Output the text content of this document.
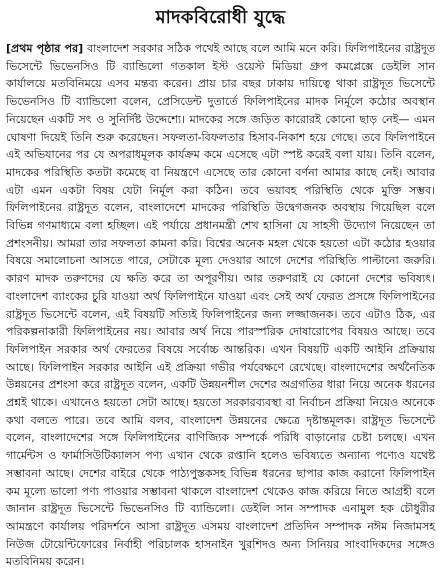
মাদকবিরোধী যুদ্ধে

[প্রথম পৃষ্ঠার পর] বাংলাদেশ সরকার সঠিক পথেই আছে বলে আমি মনে করি। ফিলিপাইনের রাষ্ট্রদূত ভিসেন্টে ভিভেনসিও টি ব্যান্ডিলো গতকাল ইস্ট ওয়েস্ট মিডিয়া গ্রুপ কমপ্লেক্সে ডেইলি সান কার্যালয়ে মতবিনিময়ে এসব মন্তব্য করেন। প্রায় চার বছর ঢাকায় দায়িত্বে থাকা রাষ্ট্রদূত ভিসেন্টে ভিভেনসিও টি ব্যান্ডিলো বলেন, প্রেসিডেন্ট দুতার্তে ফিলিপাইনের মাদক নির্মূলে কঠোর অবস্থান নিয়েছেন একটি সৎ ও সুনির্দিষ্ট উদ্দেশ্যে। মাদকের সঙ্গে জড়িত কারোরই কোনো ছাড় নেই— এমন ঘোষণা দিয়েই তিনি শুরু করেছেন। সফলতা-বিফলতার হিসাব-নিকাশ হয়ে গেছে। তবে ফিলিপাইনে এই অভিযানের পর যে অপরাধমূলক কার্যক্রম কমে এসেছে এটা স্পষ্ট করেই বলা যায়। তিনি বলেন, মাদকের পরিস্থিতি কতটা কমেছে বা নিয়ন্ত্রণে এসেছে তার কোনো বর্ণনা আমার কাছে নেই। আবার এটা এমন একটা বিষয় যেটা নির্মূল করা কঠিন। তবে ভয়াবহ পরিস্থিতি থেকে মুক্তি সম্ভব। ফিলিপাইনের রাষ্ট্রদূত বলেন, বাংলাদেশে মাদকের পরিস্থিতি উদ্বেগজনক অবস্থায় গিয়েছিল বলে বিভিন্ন গণমাধ্যমে বলা হচ্ছিল। এই পর্যায়ে প্রধানমন্ত্রী শেখ হাসিনা যে সাহসী উদ্যোগ নিয়েছেন তা প্রশংসনীয়। আমরা তার সফলতা কামনা করি। বিশ্বের অনেক মহল থেকে হয়তো এটা কঠোর হওয়ার বিষয়ে সমালোচনা আসতে পারে, সেটাকে মূল্য দেওয়ার আগে দেশের পরিস্থিতি পাল্টানো জরুরি। কারণ মাদক তরুণদের যে ক্ষতি করে তা অপূরণীয়। আর তরুণরাই যে কোনো দেশের ভবিষ্যৎ। বাংলাদেশ ব্যাংকের চুরি যাওয়া অর্থ ফিলিপাইনে যাওয়া এবং সেই অর্থ ফেরত প্রসঙ্গে ফিলিপাইনের রাষ্ট্রদূত ভিসেন্টে বলেন, এই বিষয়টি সত্যিই ফিলিপাইনের জন্য লজ্জাজনক। তবে এটাও ঠিক, এর পরিকল্পনাকারী ফিলিপাইনের নয়। আবার অর্থ নিয়ে পারস্পরিক দোষারোপের বিষয়ও আছে। তবে ফিলিপাইন সরকার অর্থ ফেরতের বিষয়ে সর্বোচ্চ আন্তরিক। এখন বিষয়টি একটি আইনি প্রক্রিয়ায় আছে। ফিলিপাইন সরকার আইনি এই প্রক্রিয়া গভীর পর্যবেক্ষণে রেখেছে। বাংলাদেশের অর্থনৈতিক উন্নয়নের প্রশংসা করে রাষ্ট্রদূত বলেন, একটি উন্নয়নশীল দেশের অগ্রগতির ধারা নিয়ে অনেক ধরনের প্রশ্নই থাকে। এখানেও হয়তো সেটা আছে। হয়তো সরকারব্যবস্থা বা নির্বাচন প্রক্রিয়া নিয়েও অনেকে কথা বলতে পারে। তবে আমি বলব, বাংলাদেশ উন্নয়নের ক্ষেত্রে দৃষ্টান্তমূলক। রাষ্ট্রদূত ভিসেন্টে বলেন, বাংলাদেশের সঙ্গে ফিলিপাইনের বাণিজ্যিক সম্পর্কে পরিধি বাড়ানোর চেষ্টা চলছে। এখন গার্মেন্টস ও ফার্মাসিউটিক্যালস পণ্য এখান থেকে রপ্তানি হলেও ভবিষ্যতে অন্যান্য পণ্যেও যথেষ্ট সম্ভাবনা আছে। দেশের বাইরে থেকে পাঠ্যপুস্তকসহ বিভিন্ন ধরনের ছাপার কাজ করানো ফিলিপাইন কম মূল্যে ভালো পণ্য পাওয়ার সম্ভাবনা থাকলে বাংলাদেশ থেকেও কাজ করিয়ে নিতে আগ্রহী বলে জানান রাষ্ট্রদূত ভিসেন্টে ভিভেনসিও টি ব্যান্ডিলো। ডেইলি সান সম্পাদক এনামুল হক চৌধুরীর আমন্ত্রণে কার্যালয় পরিদর্শনে আসা রাষ্ট্রদূত এসময় বাংলাদেশ প্রতিদিন সম্পাদক নঈম নিজামসহ নিউজ টোয়েন্টিফোরের নির্বাহী পরিচালক হাসনাইন খুরশিদও অন্য সিনিয়র সাংবাদিকদের সঙ্গেও মতবিনিময় করেন।
